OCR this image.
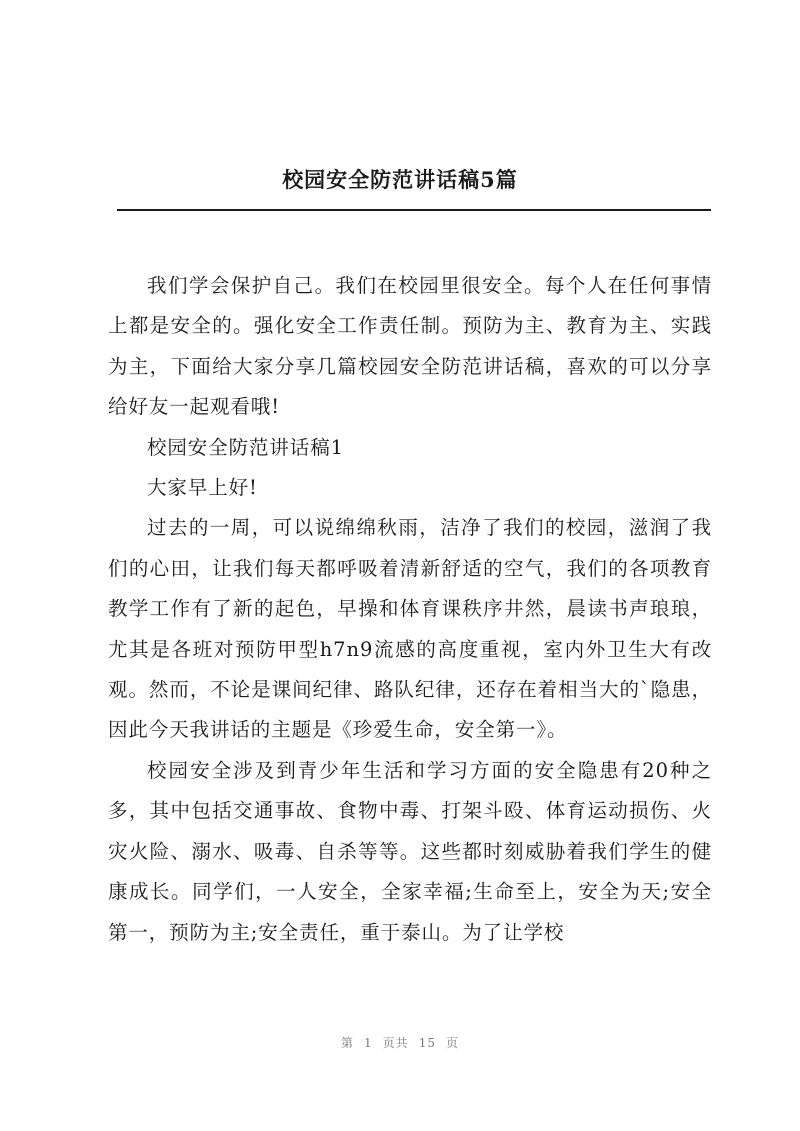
校园安全防范讲话稿5篇

我们学会保护自己。我们在校园里很安全。每个人在任何事情上都是安全的。强化安全工作责任制。预防为主、教育为主、实践为主，下面给大家分享几篇校园安全防范讲话稿，喜欢的可以分享给好友一起观看哦!

校园安全防范讲话稿1

大家早上好!

过去的一周，可以说绵绵秋雨，洁净了我们的校园，滋润了我们的心田，让我们每天都呼吸着清新舒适的空气，我们的各项教育教学工作有了新的起色，早操和体育课秩序井然，晨读书声琅琅，尤其是各班对预防甲型h7n9流感的高度重视，室内外卫生大有改观。然而，不论是课间纪律、路队纪律，还存在着相当大的`隐患，因此今天我讲话的主题是《珍爱生命，安全第一》。

校园安全涉及到青少年生活和学习方面的安全隐患有20种之多，其中包括交通事故、食物中毒、打架斗殴、体育运动损伤、火灾火险、溺水、吸毒、自杀等等。这些都时刻威胁着我们学生的健康成长。同学们，一人安全，全家幸福;生命至上，安全为天;安全第一，预防为主;安全责任，重于泰山。为了让学校

第 1 页共 15 页
